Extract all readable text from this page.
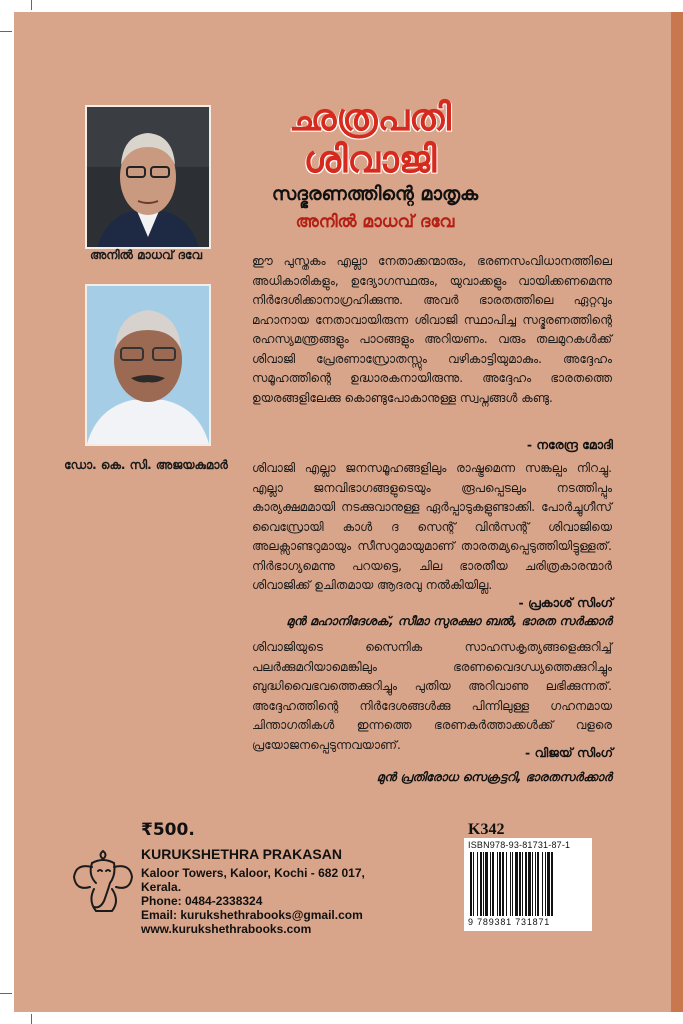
അനിൽ മാധവ് ദവേ
ഡോ. കെ. സി. അജയകുമാർ
ഛത്രപതി
ശിവാജി
സദ്ഭരണത്തിന്റെ മാതൃക
അനിൽ മാധവ് ദവേ

ഈ പുസ്തകം എല്ലാ നേതാക്കന്മാരും, ഭരണസംവിധാനത്തിലെ അധികാരികളും, ഉദ്യോഗസ്ഥരും, യുവാക്കളും വായിക്കണമെന്നു നിർദേശിക്കാനാഗ്രഹിക്കുന്നു. അവർ ഭാരതത്തിലെ ഏറ്റവും മഹാനായ നേതാവായിരുന്ന ശിവാജി സ്ഥാപിച്ച സദ്ഭരണത്തിന്റെ രഹസ്യമന്ത്രങ്ങളും പാഠങ്ങളും അറിയണം. വരും തലമുറകൾക്ക് ശിവാജി പ്രേരണാസ്രോതസ്സും വഴികാട്ടിയുമാകും. അദ്ദേഹം സമൂഹത്തിന്റെ ഉദ്ധാരകനായിരുന്നു. അദ്ദേഹം ഭാരതത്തെ ഉയരങ്ങളിലേക്കു കൊണ്ടുപോകാനുള്ള സ്വപ്നങ്ങൾ കണ്ടു.

- നരേന്ദ്ര മോദി

ശിവാജി എല്ലാ ജനസമൂഹങ്ങളിലും രാഷ്ട്രമെന്ന സങ്കല്പം നിറച്ചു. എല്ലാ ജനവിഭാഗങ്ങളുടെയും രൂപപ്പെടലും നടത്തിപ്പും കാര്യക്ഷമമായി നടക്കുവാനുള്ള ഏർപ്പാടുകളുണ്ടാക്കി. പോർച്ചുഗീസ് വൈസ്രോയി കാൾ ദ സെന്റ് വിൻസന്റ് ശിവാജിയെ അലക്സാണ്ടറുമായും സീസറുമായുമാണ് താരതമ്യപ്പെടുത്തിയിട്ടുള്ളത്. നിർഭാഗ്യമെന്നു പറയട്ടെ, ചില ഭാരതീയ ചരിത്രകാരന്മാർ ശിവാജിക്ക് ഉചിതമായ ആദരവു നൽകിയില്ല.

- പ്രകാശ് സിംഗ്
മുൻ മഹാനിദേശക്, സീമാ സുരക്ഷാ ബൽ, ഭാരത സർക്കാർ

ശിവാജിയുടെ സൈനിക സാഹസകൃത്യങ്ങളെക്കുറിച്ച് പലർക്കുമറിയാമെങ്കിലും ഭരണവൈദഗ്ധ്യത്തെക്കുറിച്ചും ബുദ്ധിവൈഭവത്തെക്കുറിച്ചും പുതിയ അറിവാണു ലഭിക്കുന്നത്. അദ്ദേഹത്തിന്റെ നിർദേശങ്ങൾക്കു പിന്നിലുള്ള ഗഹനമായ ചിന്താഗതികൾ ഇന്നത്തെ ഭരണകർത്താക്കൾക്ക് വളരെ പ്രയോജനപ്പെടുന്നവയാണ്.

- വിജയ് സിംഗ്
മുൻ പ്രതിരോധ സെക്രട്ടറി, ഭാരതസർക്കാർ
₹500.
KURUKSHETHRA PRAKASAN
Kaloor Towers, Kaloor, Kochi - 682 017,
Kerala.
Phone: 0484-2338324
Email: kurukshethrabooks@gmail.com
www.kurukshethrabooks.com
K342
ISBN978-93-81731-87-1
9 789381 731871
